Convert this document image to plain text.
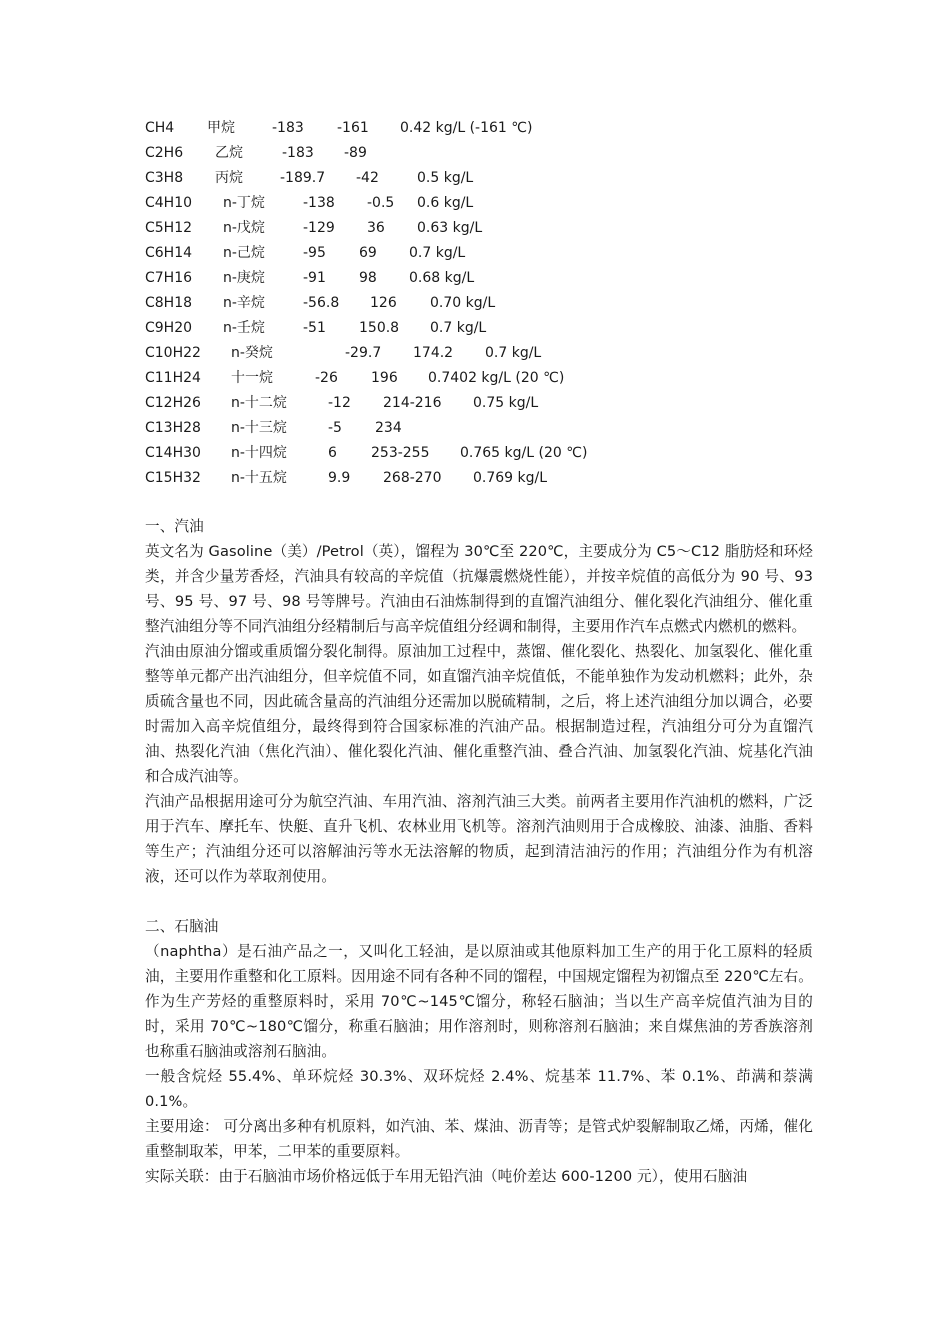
CH4 甲烷	-183 -161 0.42 kg/L (-161 ℃)
C2H6 乙烷	-183 -89
C3H8 丙烷	-189.7 -42	0.5 kg/L
C4H10 n-丁烷	-138 -0.5 0.6 kg/L
C5H12 n-戊烷	-129 36 0.63 kg/L
C6H14 n-己烷	-95 69 0.7 kg/L
C7H16 n-庚烷	-91 98 0.68 kg/L
C8H18 n-辛烷	-56.8 126 0.70 kg/L
C9H20 n-壬烷	-51 150.8 0.7 kg/L
C10H22 n-癸烷	-29.7 174.2 0.7 kg/L
C11H24 十一烷	-26 196 0.7402 kg/L (20 ℃)
C12H26 n-十二烷	-12 214-216 0.75 kg/L
C13H28 n-十三烷	-5 234
C14H30 n-十四烷	6 253-255 0.765 kg/L (20 ℃)
C15H32 n-十五烷	9.9 268-270 0.769 kg/L

一、汽油

英文名为 Gasoline（美）/Petrol（英），馏程为 30℃至 220℃，主要成分为 C5～C12 脂肪烃和环烃类，并含少量芳香烃，汽油具有较高的辛烷值（抗爆震燃烧性能），并按辛烷值的高低分为 90 号、93 号、95 号、97 号、98 号等牌号。汽油由石油炼制得到的直馏汽油组分、催化裂化汽油组分、催化重整汽油组分等不同汽油组分经精制后与高辛烷值组分经调和制得，主要用作汽车点燃式内燃机的燃料。

汽油由原油分馏或重质馏分裂化制得。原油加工过程中，蒸馏、催化裂化、热裂化、加氢裂化、催化重整等单元都产出汽油组分，但辛烷值不同，如直馏汽油辛烷值低，不能单独作为发动机燃料；此外，杂质硫含量也不同，因此硫含量高的汽油组分还需加以脱硫精制，之后，将上述汽油组分加以调合，必要时需加入高辛烷值组分，最终得到符合国家标准的汽油产品。根据制造过程，汽油组分可分为直馏汽油、热裂化汽油（焦化汽油）、催化裂化汽油、催化重整汽油、叠合汽油、加氢裂化汽油、烷基化汽油和合成汽油等。

汽油产品根据用途可分为航空汽油、车用汽油、溶剂汽油三大类。前两者主要用作汽油机的燃料，广泛用于汽车、摩托车、快艇、直升飞机、农林业用飞机等。溶剂汽油则用于合成橡胶、油漆、油脂、香料等生产；汽油组分还可以溶解油污等水无法溶解的物质，起到清洁油污的作用；汽油组分作为有机溶液，还可以作为萃取剂使用。

二、石脑油

（naphtha）是石油产品之一，又叫化工轻油，是以原油或其他原料加工生产的用于化工原料的轻质油，主要用作重整和化工原料。因用途不同有各种不同的馏程，中国规定馏程为初馏点至 220℃左右。作为生产芳烃的重整原料时，采用 70℃~145℃馏分，称轻石脑油；当以生产高辛烷值汽油为目的时，采用 70℃~180℃馏分，称重石脑油；用作溶剂时，则称溶剂石脑油；来自煤焦油的芳香族溶剂也称重石脑油或溶剂石脑油。

一般含烷烃 55.4%、单环烷烃 30.3%、双环烷烃 2.4%、烷基苯 11.7%、苯 0.1%、茚满和萘满 0.1%。

主要用途： 可分离出多种有机原料，如汽油、苯、煤油、沥青等；是管式炉裂解制取乙烯，丙烯，催化重整制取苯，甲苯，二甲苯的重要原料。

实际关联：由于石脑油市场价格远低于车用无铅汽油（吨价差达 600-1200 元），使用石脑油
